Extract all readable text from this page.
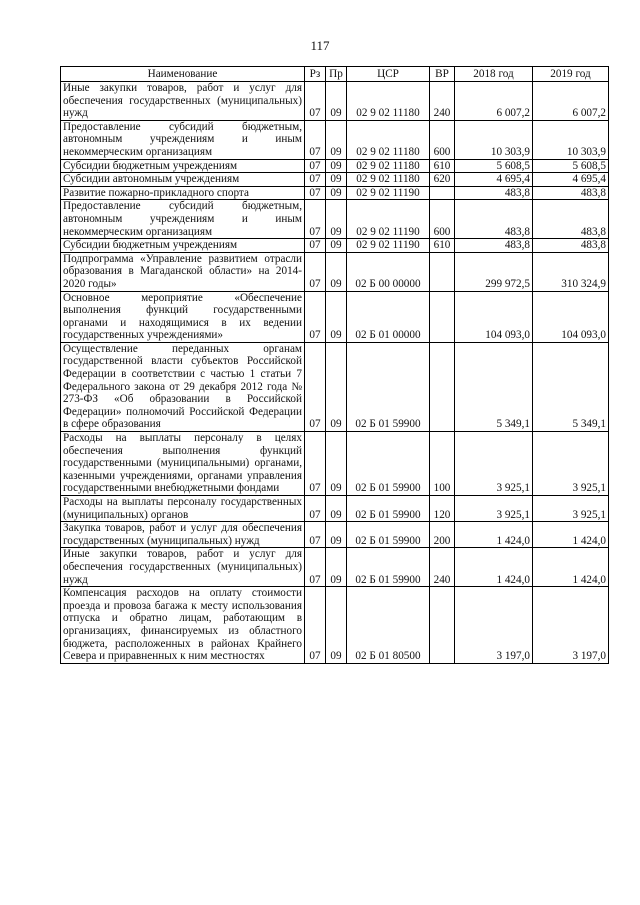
117
Наименование	Рз	Пр	ЦСР	ВР	2018 год	2019 год
Иные закупки товаров, работ и услуг для обеспечения государственных (муниципальных) нужд	07	09	02 9 02 11180	240	6 007,2	6 007,2
Предоставление субсидий бюджетным, автономным учреждениям и иным некоммерческим организациям	07	09	02 9 02 11180	600	10 303,9	10 303,9
Субсидии бюджетным учреждениям	07	09	02 9 02 11180	610	5 608,5	5 608,5
Субсидии автономным учреждениям	07	09	02 9 02 11180	620	4 695,4	4 695,4
Развитие пожарно-прикладного спорта	07	09	02 9 02 11190		483,8	483,8
Предоставление субсидий бюджетным, автономным учреждениям и иным некоммерческим организациям	07	09	02 9 02 11190	600	483,8	483,8
Субсидии бюджетным учреждениям	07	09	02 9 02 11190	610	483,8	483,8
Подпрограмма «Управление развитием отрасли образования в Магаданской области» на 2014-2020 годы»	07	09	02 Б 00 00000		299 972,5	310 324,9
Основное мероприятие «Обеспечение выполнения функций государственными органами и находящимися в их ведении государственных учреждениями»	07	09	02 Б 01 00000		104 093,0	104 093,0
Осуществление переданных органам государственной власти субъектов Российской Федерации в соответствии с частью 1 статьи 7 Федерального закона от 29 декабря 2012 года № 273-ФЗ «Об образовании в Российской Федерации» полномочий Российской Федерации в сфере образования	07	09	02 Б 01 59900		5 349,1	5 349,1
Расходы на выплаты персоналу в целях обеспечения выполнения функций государственными (муниципальными) органами, казенными учреждениями, органами управления государственными внебюджетными фондами	07	09	02 Б 01 59900	100	3 925,1	3 925,1
Расходы на выплаты персоналу государственных (муниципальных) органов	07	09	02 Б 01 59900	120	3 925,1	3 925,1
Закупка товаров, работ и услуг для обеспечения государственных (муниципальных) нужд	07	09	02 Б 01 59900	200	1 424,0	1 424,0
Иные закупки товаров, работ и услуг для обеспечения государственных (муниципальных) нужд	07	09	02 Б 01 59900	240	1 424,0	1 424,0
Компенсация расходов на оплату стоимости проезда и провоза багажа к месту использования отпуска и обратно лицам, работающим в организациях, финансируемых из областного бюджета, расположенных в районах Крайнего Севера и приравненных к ним местностях	07	09	02 Б 01 80500		3 197,0	3 197,0
